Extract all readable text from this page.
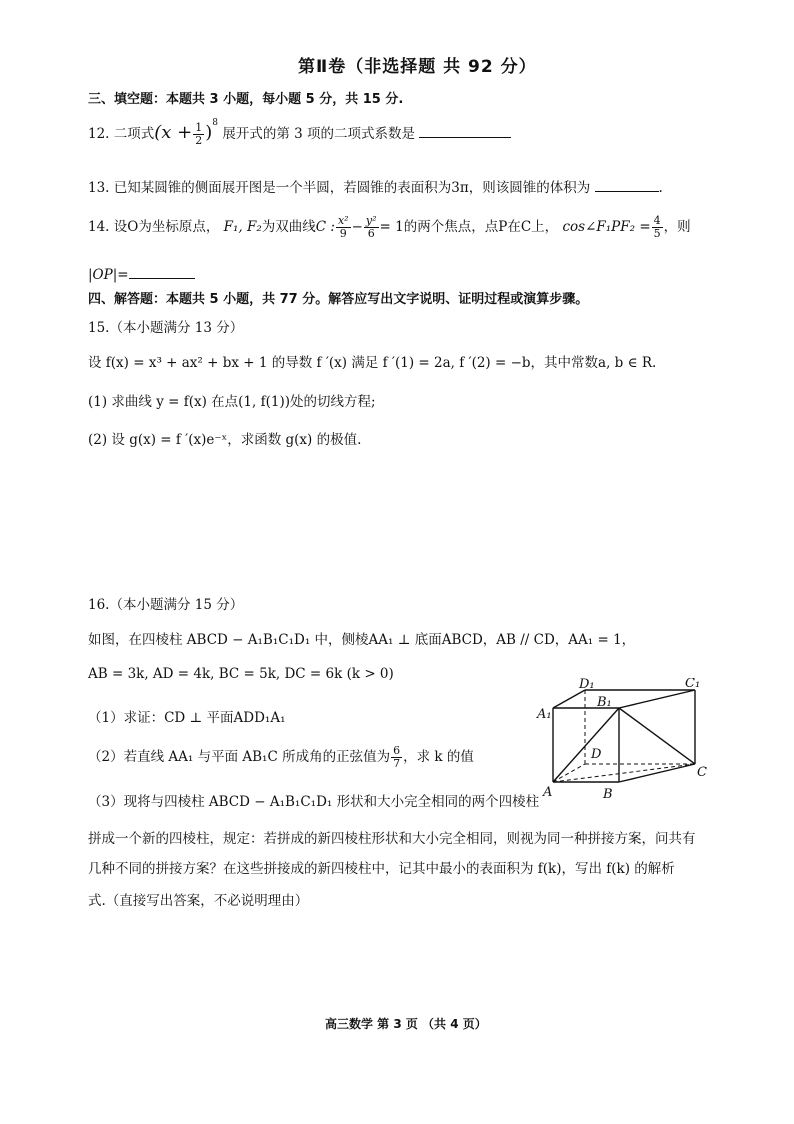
第Ⅱ卷（非选择题 共 92 分）
三、填空题：本题共 3 小题，每小题 5 分，共 15 分.
12. 二项式$(x + \frac{1}{2} )^8$ 展开式的第 3 项的二项式系数是
13. 已知某圆锥的侧面展开图是一个半圆，若圆锥的表面积为3π，则该圆锥的体积为	.
14. 设O为坐标原点， F₁, F₂为双曲线C : $\frac{\text{x²}}{9} - \frac{\text{y²}}{6} = 1$的两个焦点，点P在C上， cos∠F₁PF₂ = $\frac{4}{5}$ ，则
|OP|=
四、解答题：本题共 5 小题，共 77 分。解答应写出文字说明、证明过程或演算步骤。
15.（本小题满分 13 分）
设 f(x) = x³ + ax² + bx + 1 的导数 f ′(x) 满足 f ′(1) = 2a, f ′(2) = −b，其中常数a, b ∈ R.
(1) 求曲线 y = f(x) 在点(1, f(1))处的切线方程;
(2) 设 g(x) = f ′(x)e⁻ˣ，求函数 g(x) 的极值.
16.（本小题满分 15 分）
如图，在四棱柱 ABCD − A₁B₁C₁D₁ 中，侧棱AA₁ ⊥ 底面ABCD，AB // CD，AA₁ = 1，
AB = 3k, AD = 4k, BC = 5k, DC = 6k (k > 0)
（1）求证：CD ⊥ 平面ADD₁A₁
（2）若直线 AA₁ 与平面 AB₁C 所成角的正弦值为 $\frac{6}{7}$ ，求 k 的值
（3）现将与四棱柱 ABCD − A₁B₁C₁D₁ 形状和大小完全相同的两个四棱柱
拼成一个新的四棱柱，规定：若拼成的新四棱柱形状和大小完全相同，则视为同一种拼接方案，问共有
几种不同的拼接方案？在这些拼接成的新四棱柱中，记其中最小的表面积为 f(k)，写出 f(k) 的解析
式.（直接写出答案，不必说明理由）
A₁
B₁
C₁
D
B
C
A
D₁
高三数学 第 3 页 （共 4 页）
